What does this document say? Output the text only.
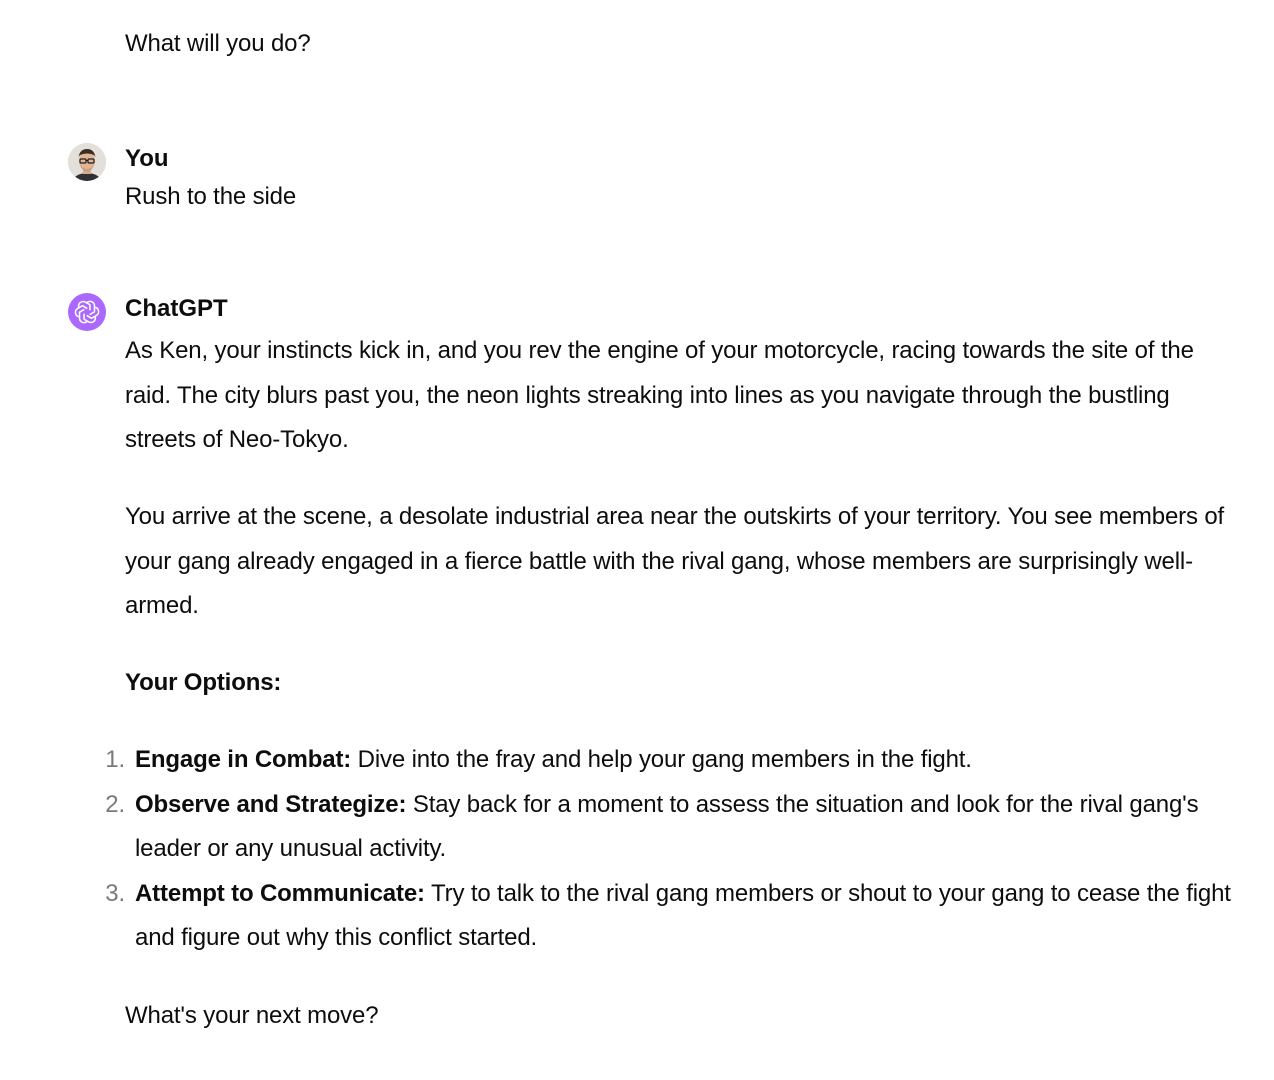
What will you do?
You
Rush to the side
ChatGPT
As Ken, your instincts kick in, and you rev the engine of your motorcycle, racing towards the site of the raid. The city blurs past you, the neon lights streaking into lines as you navigate through the bustling streets of Neo-Tokyo.
You arrive at the scene, a desolate industrial area near the outskirts of your territory. You see members of your gang already engaged in a fierce battle with the rival gang, whose members are surprisingly well-armed.
Your Options:
1. Engage in Combat: Dive into the fray and help your gang members in the fight.
2. Observe and Strategize: Stay back for a moment to assess the situation and look for the rival gang's leader or any unusual activity.
3. Attempt to Communicate: Try to talk to the rival gang members or shout to your gang to cease the fight and figure out why this conflict started.
What's your next move?
